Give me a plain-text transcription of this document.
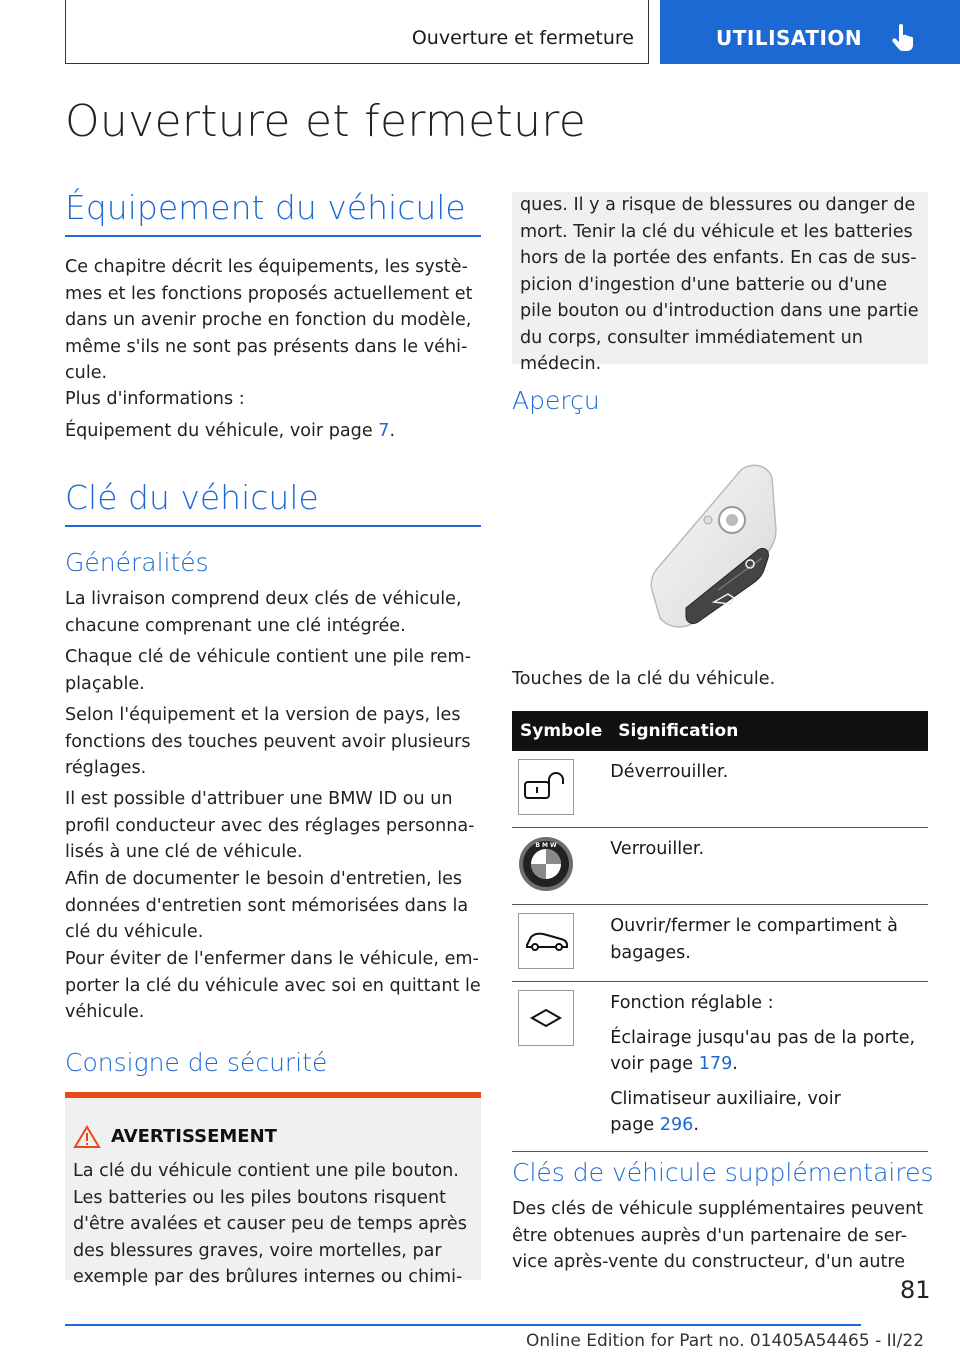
Ouverture et fermeture	UTILISATION
Ouverture et fermeture
Équipement du véhicule
Ce chapitre décrit les équipements, les systè- mes et les fonctions proposés actuellement et dans un avenir proche en fonction du modèle, même s'ils ne sont pas présents dans le véhi- cule.
Plus d'informations :
Équipement du véhicule, voir page 7.
Clé du véhicule
Généralités
La livraison comprend deux clés de véhicule, chacune comprenant une clé intégrée.
Chaque clé de véhicule contient une pile rem- plaçable.
Selon l'équipement et la version de pays, les fonctions des touches peuvent avoir plusieurs réglages.
Il est possible d'attribuer une BMW ID ou un profil conducteur avec des réglages personna- lisés à une clé de véhicule.
Afin de documenter le besoin d'entretien, les données d'entretien sont mémorisées dans la clé du véhicule.
Pour éviter de l'enfermer dans le véhicule, em- porter la clé du véhicule avec soi en quittant le véhicule.
Consigne de sécurité
AVERTISSEMENT
La clé du véhicule contient une pile bouton. Les batteries ou les piles boutons risquent d'être avalées et causer peu de temps après des blessures graves, voire mortelles, par exemple par des brûlures internes ou chimi-
ques. Il y a risque de blessures ou danger de mort. Tenir la clé du véhicule et les batteries hors de la portée des enfants. En cas de sus- picion d'ingestion d'une batterie ou d'une pile bouton ou d'introduction dans une partie du corps, consulter immédiatement un médecin.
Aperçu
Touches de la clé du véhicule.
Symbole	Signification

	Déverrouiller.

B M W	Verrouiller.

	Ouvrir/fermer le compartiment à bagages.

Fonction réglable :
Éclairage jusqu'au pas de la porte, voir page 179.
Climatiseur auxiliaire, voir page 296.
Clés de véhicule supplémentaires
Des clés de véhicule supplémentaires peuvent être obtenues auprès d'un partenaire de ser- vice après-vente du constructeur, d'un autre
81
Online Edition for Part no. 01405A54465 - II/22
